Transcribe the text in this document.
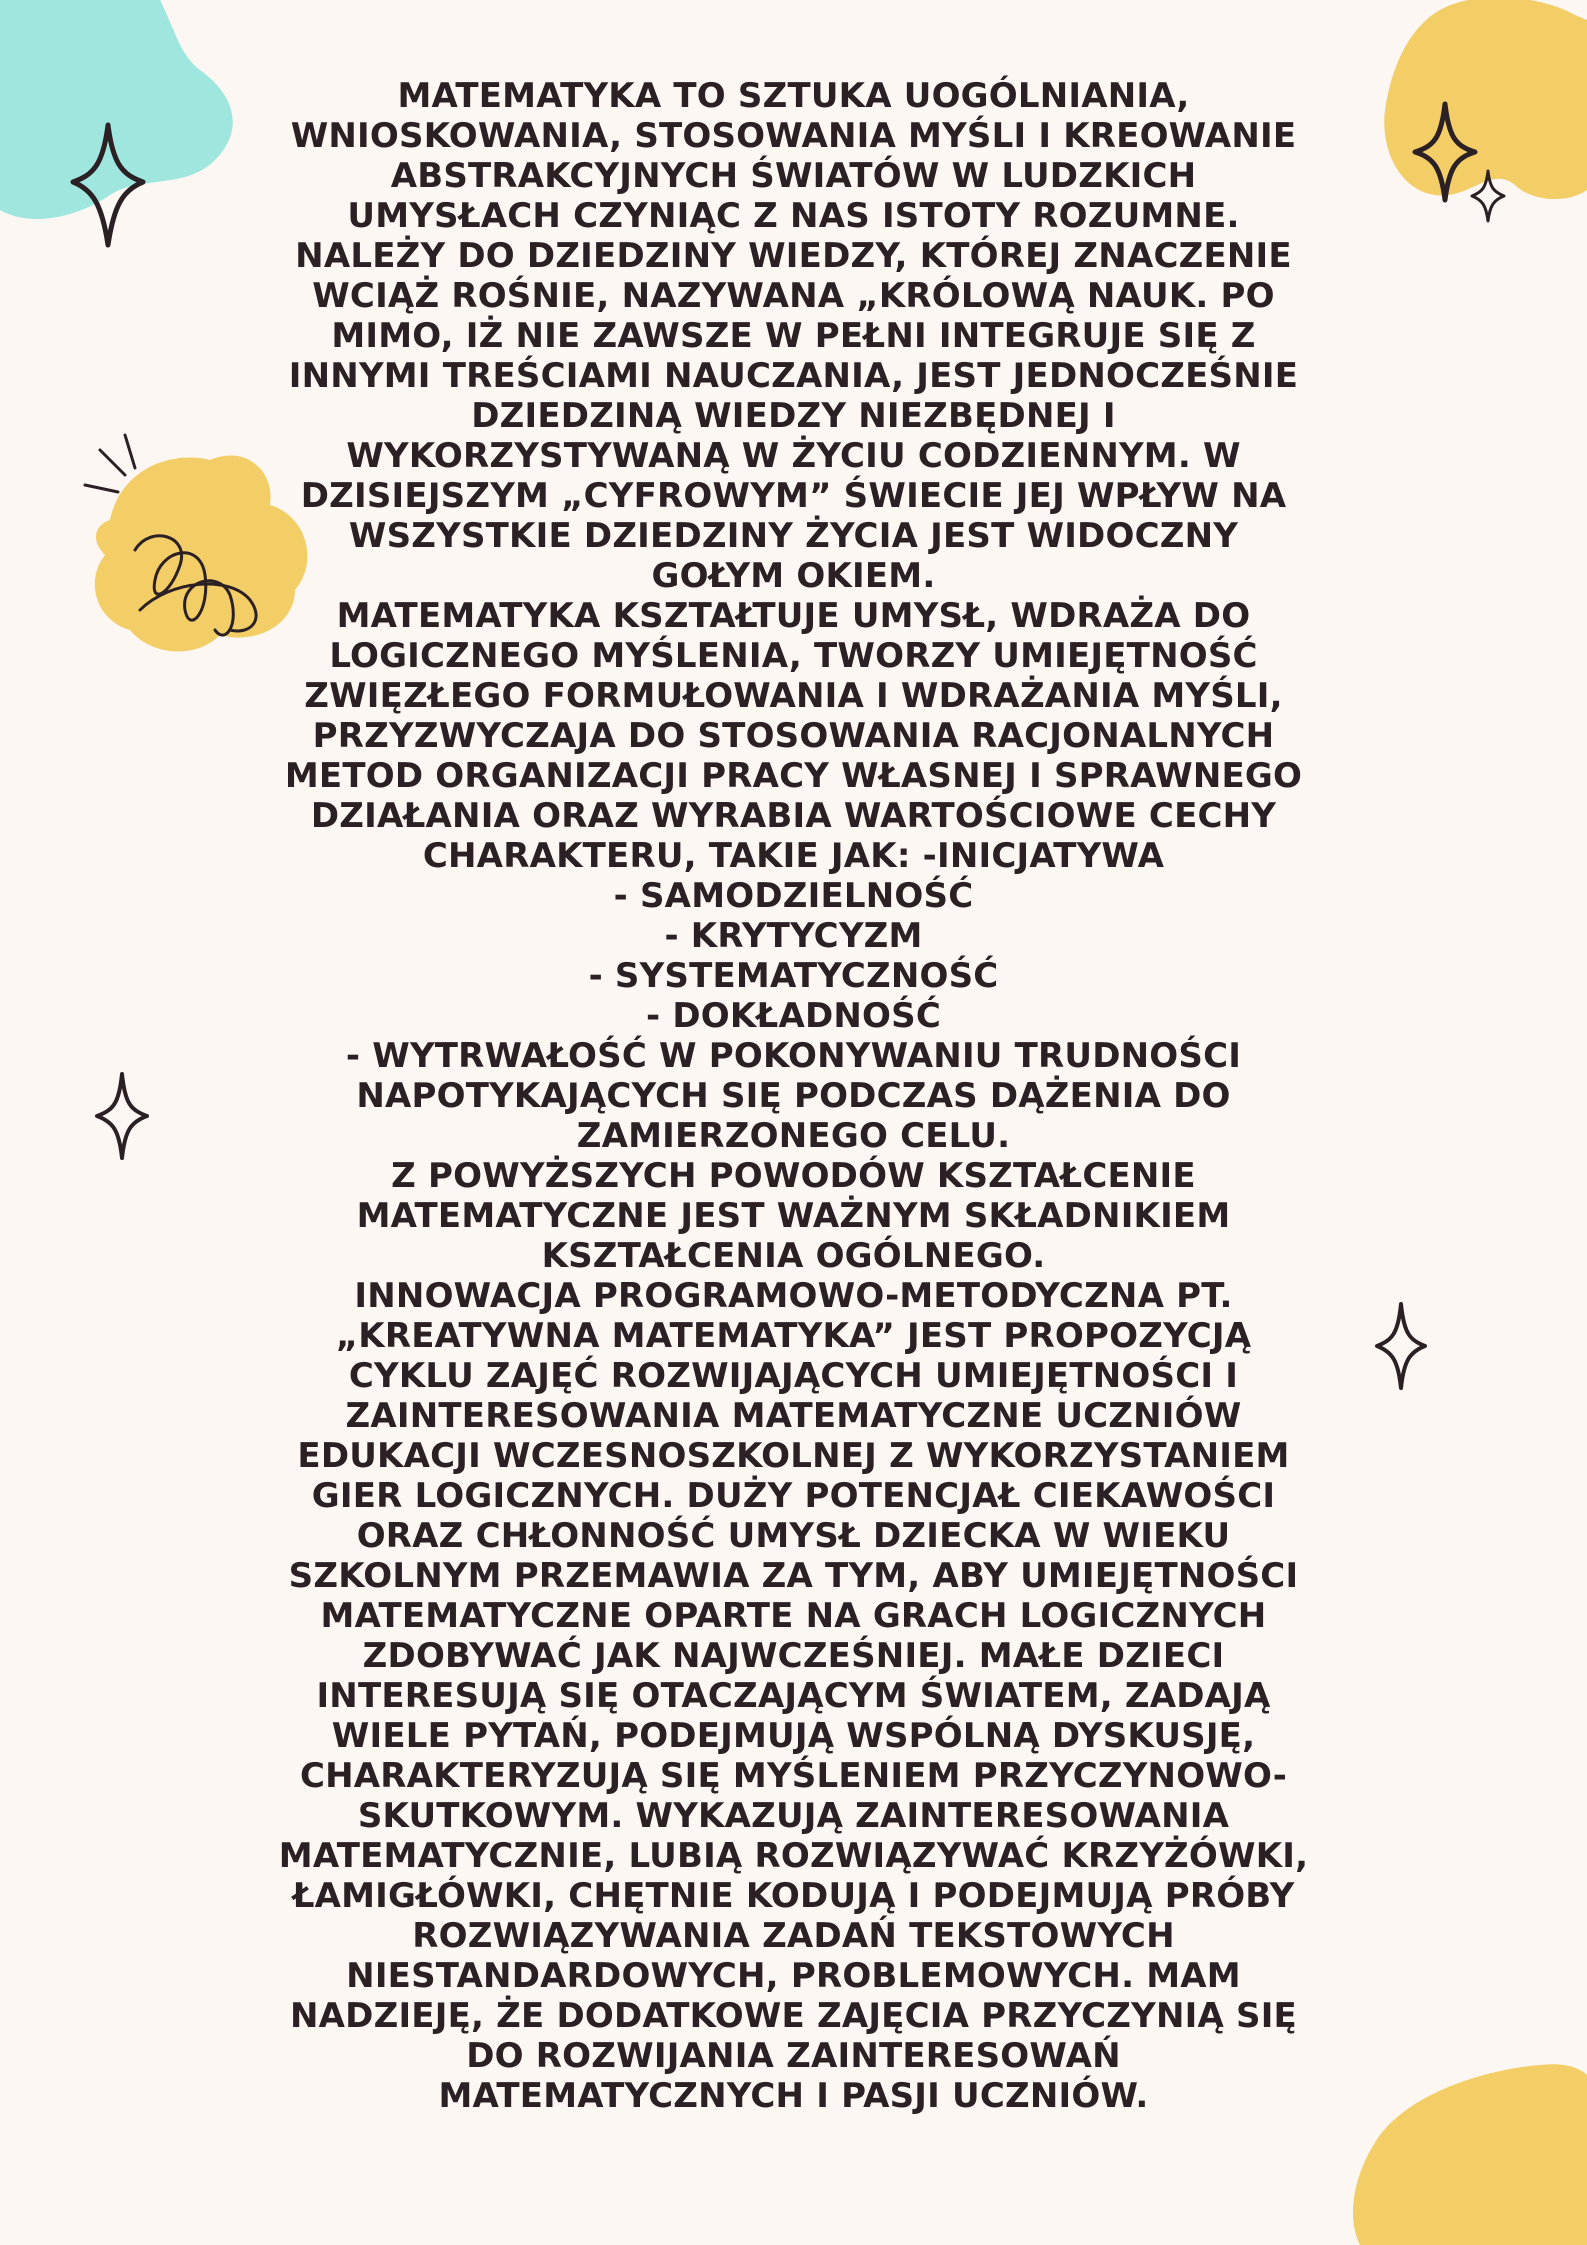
MATEMATYKA TO SZTUKA UOGÓLNIANIA,
WNIOSKOWANIA, STOSOWANIA MYŚLI I KREOWANIE
ABSTRAKCYJNYCH ŚWIATÓW W LUDZKICH
UMYSŁACH CZYNIĄC Z NAS ISTOTY ROZUMNE.
NALEŻY DO DZIEDZINY WIEDZY, KTÓREJ ZNACZENIE
WCIĄŻ ROŚNIE, NAZYWANA „KRÓLOWĄ NAUK. PO
MIMO, IŻ NIE ZAWSZE W PEŁNI INTEGRUJE SIĘ Z
INNYMI TREŚCIAMI NAUCZANIA, JEST JEDNOCZEŚNIE
DZIEDZINĄ WIEDZY NIEZBĘDNEJ I
WYKORZYSTYWANĄ W ŻYCIU CODZIENNYM. W
DZISIEJSZYM „CYFROWYM” ŚWIECIE JEJ WPŁYW NA
WSZYSTKIE DZIEDZINY ŻYCIA JEST WIDOCZNY
GOŁYM OKIEM.
MATEMATYKA KSZTAŁTUJE UMYSŁ, WDRAŻA DO
LOGICZNEGO MYŚLENIA, TWORZY UMIEJĘTNOŚĆ
ZWIĘZŁEGO FORMUŁOWANIA I WDRAŻANIA MYŚLI,
PRZYZWYCZAJA DO STOSOWANIA RACJONALNYCH
METOD ORGANIZACJI PRACY WŁASNEJ I SPRAWNEGO
DZIAŁANIA ORAZ WYRABIA WARTOŚCIOWE CECHY
CHARAKTERU, TAKIE JAK: -INICJATYWA
- SAMODZIELNOŚĆ
- KRYTYCYZM
- SYSTEMATYCZNOŚĆ
- DOKŁADNOŚĆ
- WYTRWAŁOŚĆ W POKONYWANIU TRUDNOŚCI
NAPOTYKAJĄCYCH SIĘ PODCZAS DĄŻENIA DO
ZAMIERZONEGO CELU.
Z POWYŻSZYCH POWODÓW KSZTAŁCENIE
MATEMATYCZNE JEST WAŻNYM SKŁADNIKIEM
KSZTAŁCENIA OGÓLNEGO.
INNOWACJA PROGRAMOWO-METODYCZNA PT.
„KREATYWNA MATEMATYKA” JEST PROPOZYCJĄ
CYKLU ZAJĘĆ ROZWIJAJĄCYCH UMIEJĘTNOŚCI I
ZAINTERESOWANIA MATEMATYCZNE UCZNIÓW
EDUKACJI WCZESNOSZKOLNEJ Z WYKORZYSTANIEM
GIER LOGICZNYCH. DUŻY POTENCJAŁ CIEKAWOŚCI
ORAZ CHŁONNOŚĆ UMYSŁ DZIECKA W WIEKU
SZKOLNYM PRZEMAWIA ZA TYM, ABY UMIEJĘTNOŚCI
MATEMATYCZNE OPARTE NA GRACH LOGICZNYCH
ZDOBYWAĆ JAK NAJWCZEŚNIEJ. MAŁE DZIECI
INTERESUJĄ SIĘ OTACZAJĄCYM ŚWIATEM, ZADAJĄ
WIELE PYTAŃ, PODEJMUJĄ WSPÓLNĄ DYSKUSJĘ,
CHARAKTERYZUJĄ SIĘ MYŚLENIEM PRZYCZYNOWO-
SKUTKOWYM. WYKAZUJĄ ZAINTERESOWANIA
MATEMATYCZNIE, LUBIĄ ROZWIĄZYWAĆ KRZYŻÓWKI,
ŁAMIGŁÓWKI, CHĘTNIE KODUJĄ I PODEJMUJĄ PRÓBY
ROZWIĄZYWANIA ZADAŃ TEKSTOWYCH
NIESTANDARDOWYCH, PROBLEMOWYCH. MAM
NADZIEJĘ, ŻE DODATKOWE ZAJĘCIA PRZYCZYNIĄ SIĘ
DO ROZWIJANIA ZAINTERESOWAŃ
MATEMATYCZNYCH I PASJI UCZNIÓW.
